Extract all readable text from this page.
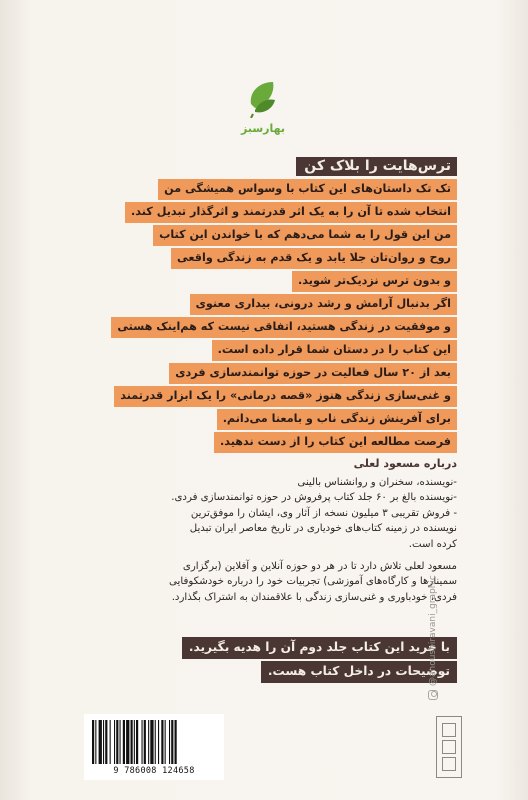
بهارسبز
ترس‌هایت را بلاک کن
تک تک داستان‌های این کتاب با وسواس همیشگی من
انتخاب شده تا آن را به یک اثر قدرتمند و اثرگذار تبدیل کند.
من این قول را به شما می‌دهم که با خواندن این کتاب
روح و روان‌تان جلا یابد و یک قدم به زندگی واقعی
و بدون ترس نزدیک‌تر شوید.
اگر بدنبال آرامش و رشد درونی، بیداری معنوی
و موفقیت در زندگی هستید، اتفاقی نیست که هم‌اینک هستی
این کتاب را در دستان شما قرار داده است.
بعد از ۲۰ سال فعالیت در حوزه توانمندسازی فردی
و غنی‌سازی زندگی هنوز «قصه درمانی» را یک ابزار قدرتمند
برای آفرینش زندگی ناب و بامعنا می‌دانم.
فرصت مطالعه این کتاب را از دست ندهید.
درباره مسعود لعلی

-نویسنده، سخنران و روانشناس بالینی

-نویسنده بالغ بر ۶۰ جلد کتاب پرفروش در حوزه توانمندسازی فردی.

- فروش تقریبی ۳ میلیون نسخه از آثار وی، ایشان را موفق‌ترین

نویسنده در زمینه کتاب‌های خودیاری در تاریخ معاصر ایران تبدیل

کرده است.

مسعود لعلی تلاش دارد تا در هر دو حوزه آنلاین و آفلاین (برگزاری

سمینارها و کارگاه‌های آموزشی) تجربیات خود را درباره خودشکوفایی

فردی، خودباوری و غنی‌سازی زندگی با علاقمندان به اشتراک بگذارد.

با خرید این کتاب جلد دوم آن را هدیه بگیرید.
توضیحات در داخل کتاب هست.
9 786008 124658
@anoushiravani_graphic
